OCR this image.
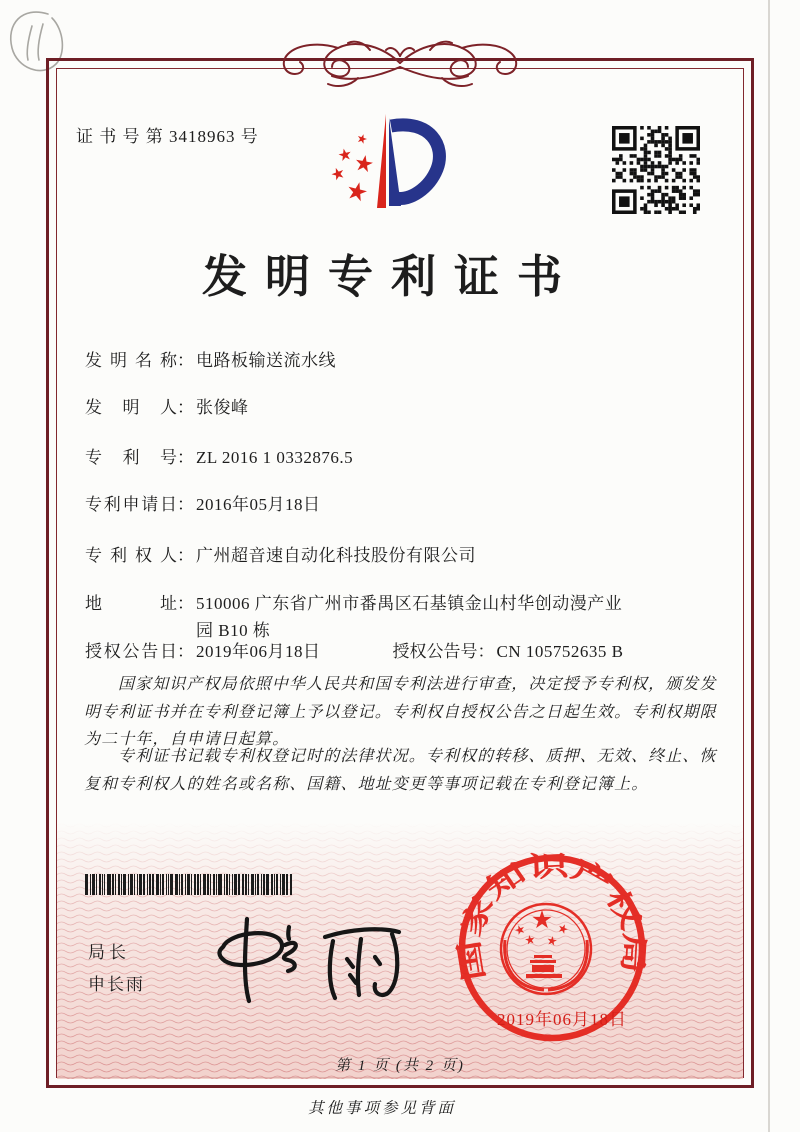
证 书 号 第 3418963 号
发明专利证书
发明名称 ： 电路板输送流水线
发明人 ： 张俊峰
专利号 ： ZL 2016 1 0332876.5
专利申请日 ： 2016年05月18日
专利权人 ： 广州超音速自动化科技股份有限公司
地址 ： 510006 广东省广州市番禺区石基镇金山村华创动漫产业园 B10 栋
授权公告日 ： 2019年06月18日	授权公告号 ： CN 105752635 B
国家知识产权局依照中华人民共和国专利法进行审查，决定授予专利权，颁发发明专利证书并在专利登记簿上予以登记。专利权自授权公告之日起生效。专利权期限为二十年，自申请日起算。
专利证书记载专利权登记时的法律状况。专利权的转移、质押、无效、终止、恢复和专利权人的姓名或名称、国籍、地址变更等事项记载在专利登记簿上。
局长
申长雨
国家知识产权局
2019年06月18日
第 1 页 (共 2 页)
其他事项参见背面
